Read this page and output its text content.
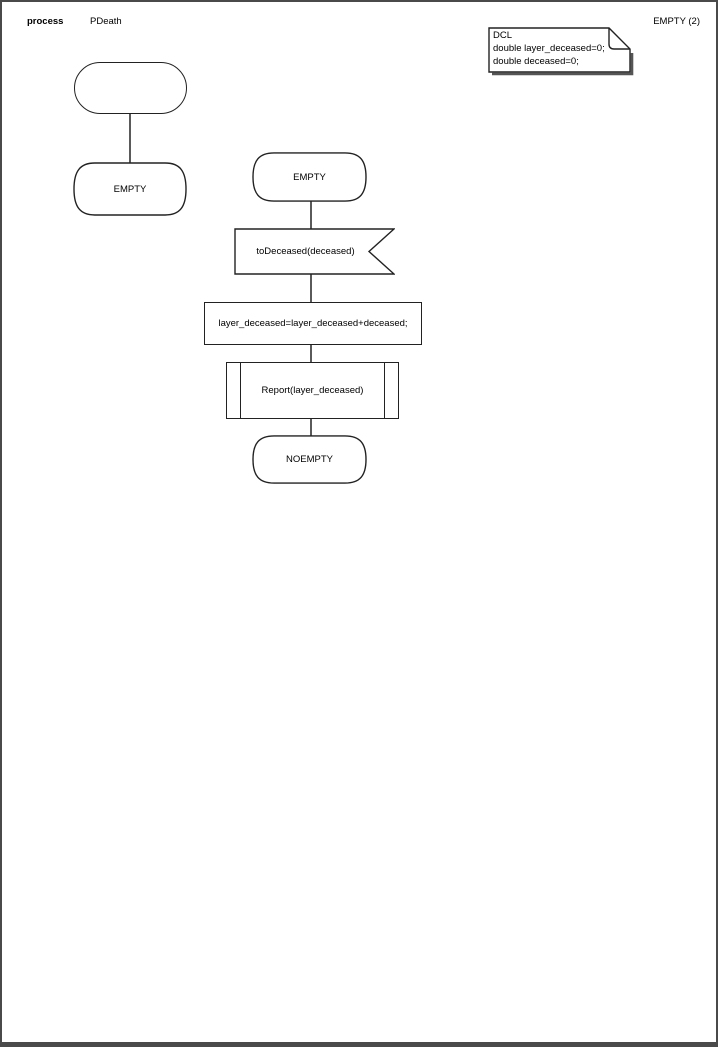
process	PDeath	EMPTY (2)
DCL
double layer_deceased=0;
double deceased=0;
EMPTY
EMPTY
toDeceased(deceased)
layer_deceased=layer_deceased+deceased;
Report(layer_deceased)
NOEMPTY
